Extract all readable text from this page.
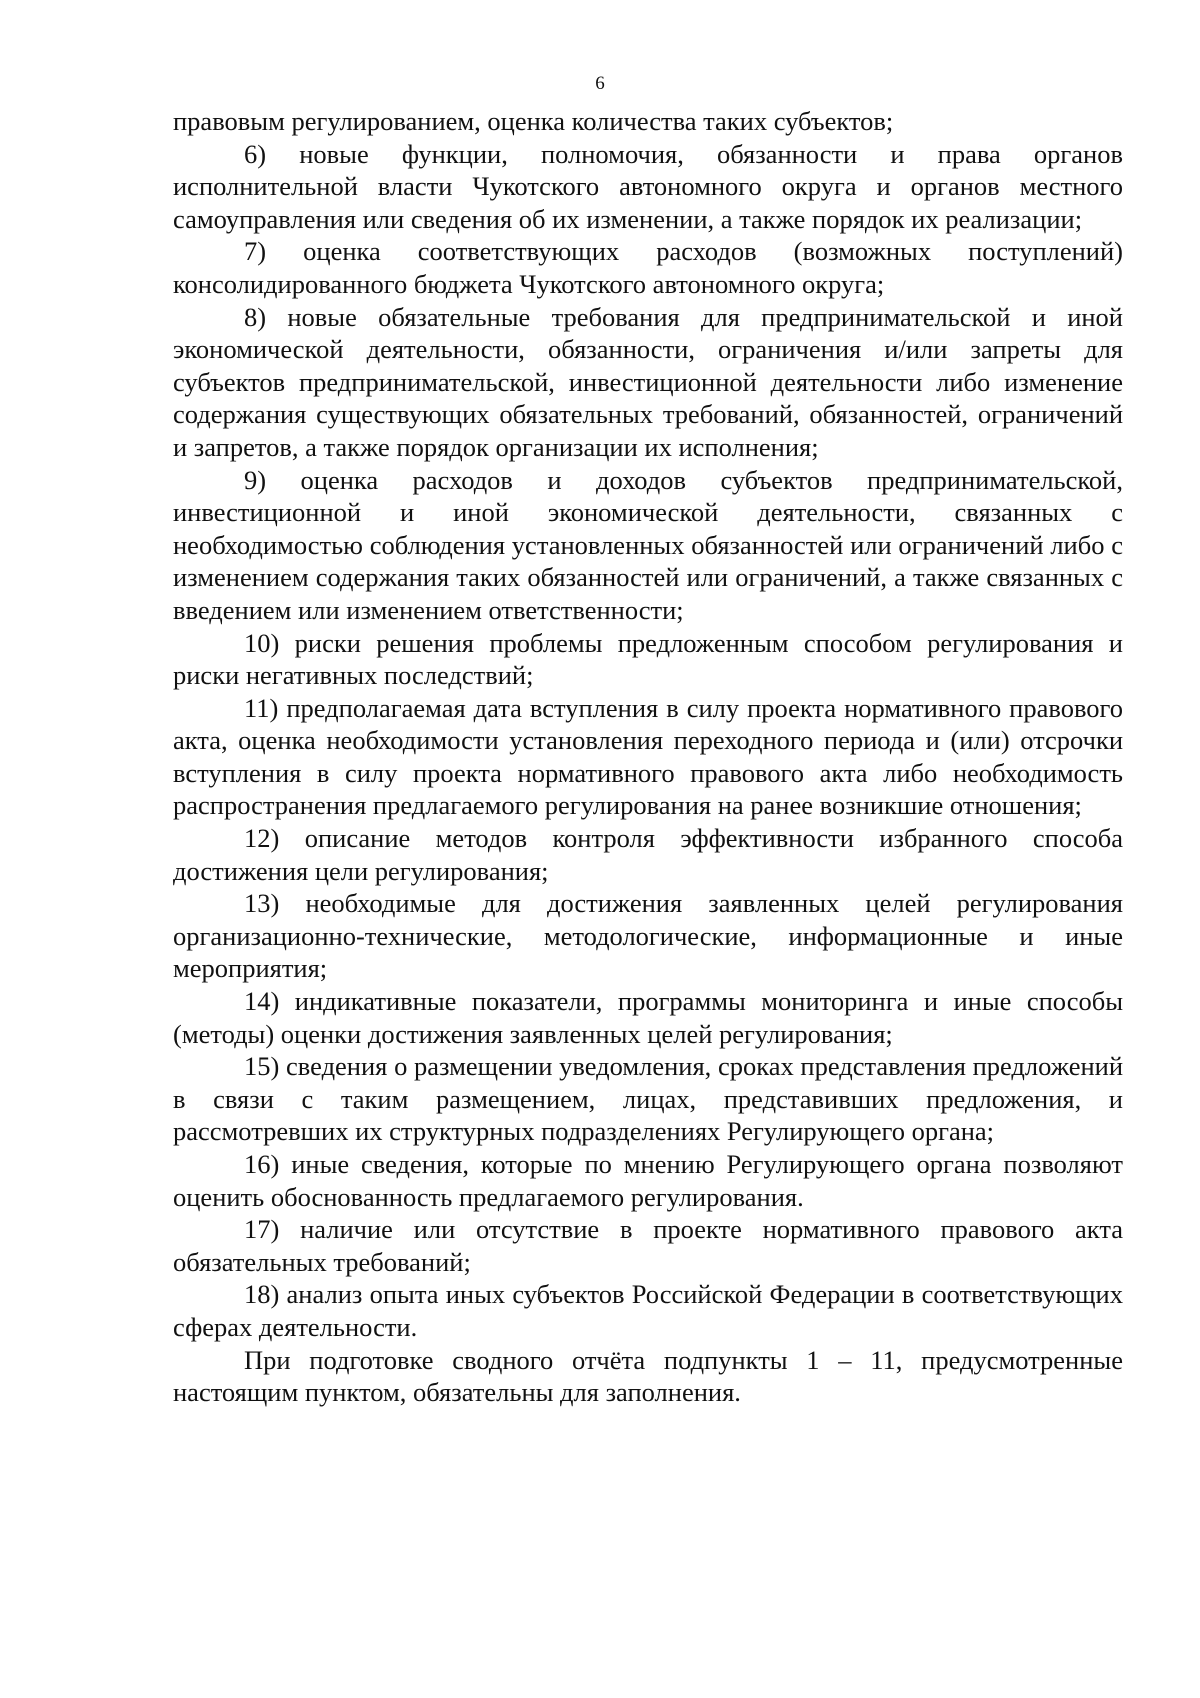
6

правовым регулированием, оценка количества таких субъектов;

6) новые функции, полномочия, обязанности и права органов исполнительной власти Чукотского автономного округа и органов местного самоуправления или сведения об их изменении, а также порядок их реализации;

7) оценка соответствующих расходов (возможных поступлений) консолидированного бюджета Чукотского автономного округа;

8) новые обязательные требования для предпринимательской и иной экономической деятельности, обязанности, ограничения и/или запреты для субъектов предпринимательской, инвестиционной деятельности либо изменение содержания существующих обязательных требований, обязанностей, ограничений и запретов, а также порядок организации их исполнения;

9) оценка расходов и доходов субъектов предпринимательской, инвестиционной и иной экономической деятельности, связанных с необходимостью соблюдения установленных обязанностей или ограничений либо с изменением содержания таких обязанностей или ограничений, а также связанных с введением или изменением ответственности;

10) риски решения проблемы предложенным способом регулирования и риски негативных последствий;

11) предполагаемая дата вступления в силу проекта нормативного правового акта, оценка необходимости установления переходного периода и (или) отсрочки вступления в силу проекта нормативного правового акта либо необходимость распространения предлагаемого регулирования на ранее возникшие отношения;

12) описание методов контроля эффективности избранного способа достижения цели регулирования;

13) необходимые для достижения заявленных целей регулирования организационно-технические, методологические, информационные и иные мероприятия;

14) индикативные показатели, программы мониторинга и иные способы (методы) оценки достижения заявленных целей регулирования;

15) сведения о размещении уведомления, сроках представления предложений в связи с таким размещением, лицах, представивших предложения, и рассмотревших их структурных подразделениях Регулирующего органа;

16) иные сведения, которые по мнению Регулирующего органа позволяют оценить обоснованность предлагаемого регулирования.

17) наличие или отсутствие в проекте нормативного правового акта обязательных требований;

18) анализ опыта иных субъектов Российской Федерации в соответствующих сферах деятельности.

При подготовке сводного отчёта подпункты 1 – 11, предусмотренные настоящим пунктом, обязательны для заполнения.
